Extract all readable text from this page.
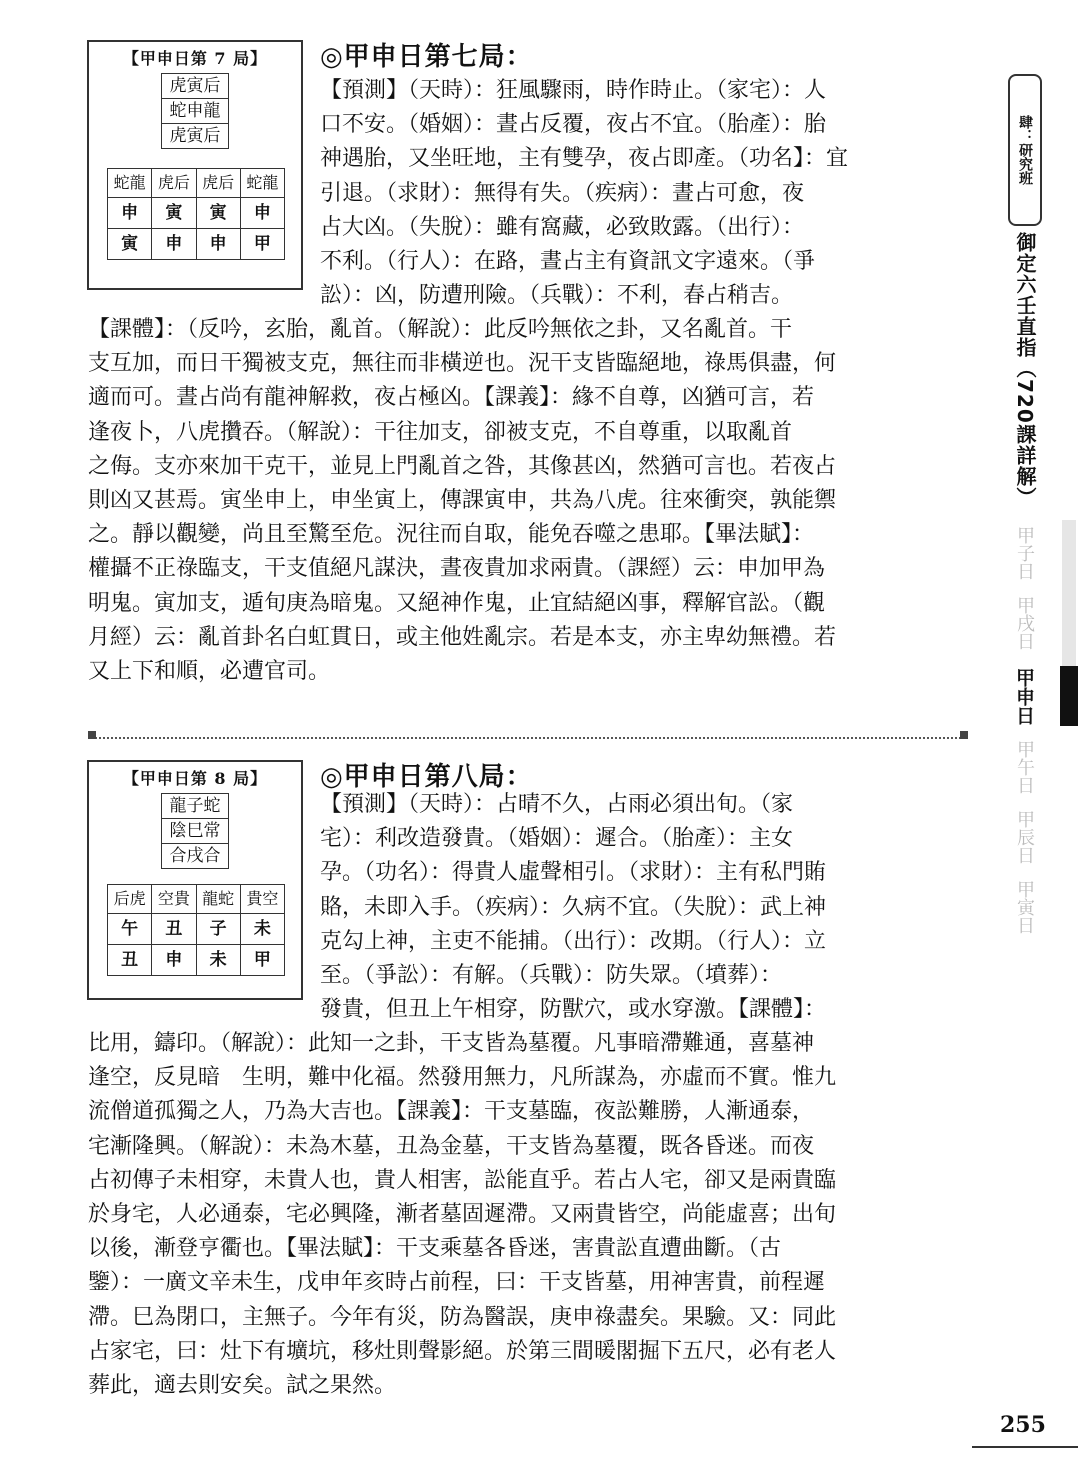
【甲申日第 7 局】
虎寅后
蛇申龍
虎寅后
蛇龍 虎后 虎后 蛇龍
申	寅	寅	申
寅	申	申	甲
◎甲申日第七局：
【預測】（天時）：狂風驟雨，時作時止。（家宅）：人
口不安。（婚姻）：晝占反覆，夜占不宜。（胎產）：胎
神遇胎，又坐旺地，主有雙孕，夜占即產。（功名】：宜
引退。（求財）：無得有失。（疾病）：晝占可愈，夜
占大凶。（失脫）：雖有窩藏，必致敗露。（出行）：
不利。（行人）：在路，晝占主有資訊文字遠來。（爭
訟）：凶，防遭刑險。（兵戰）：不利，春占稍吉。
【課體】：（反吟，玄胎，亂首。（解說）：此反吟無依之卦，又名亂首。干
支互加，而日干獨被支克，無往而非橫逆也。況干支皆臨絕地，祿馬俱盡，何
適而可。晝占尚有龍神解救，夜占極凶。【課義】：緣不自尊，凶猶可言，若
逢夜卜，八虎攢吞。（解說）：干往加支，卻被支克，不自尊重，以取亂首
之侮。支亦來加干克干，並見上門亂首之咎，其像甚凶，然猶可言也。若夜占
則凶又甚焉。寅坐申上，申坐寅上，傳課寅申，共為八虎。往來衝突，孰能禦
之。靜以觀變，尚且至驚至危。況往而自取，能免吞噬之患耶。【畢法賦】：
權攝不正祿臨支，干支值絕凡謀決，晝夜貴加求兩貴。（課經）云：申加甲為
明鬼。寅加支，遁旬庚為暗鬼。又絕神作鬼，止宜結絕凶事，釋解官訟。（觀
月經）云：亂首卦名白虹貫日，或主他姓亂宗。若是本支，亦主卑幼無禮。若
又上下和順，必遭官司。
【甲申日第 8 局】
龍子蛇
陰巳常
合戌合
后虎 空貴 龍蛇 貴空
午	丑	子	未
丑	申	未	甲
◎甲申日第八局：
【預測】（天時）：占晴不久，占雨必須出旬。（家
宅）：利改造發貴。（婚姻）：遲合。（胎產）：主女
孕。（功名）：得貴人虛聲相引。（求財）：主有私門賄
賂，未即入手。（疾病）：久病不宜。（失脫）：武上神
克勾上神，主吏不能捕。（出行）：改期。（行人）：立
至。（爭訟）：有解。（兵戰）：防失眾。（墳葬）：
發貴，但丑上午相穿，防獸穴，或水穿激。【課體】：
比用，鑄印。（解說）：此知一之卦，干支皆為墓覆。凡事暗滯難通，喜墓神
逢空，反見暗　生明，難中化福。然發用無力，凡所謀為，亦虛而不實。惟九
流僧道孤獨之人，乃為大吉也。【課義】：干支墓臨，夜訟難勝，人漸通泰，
宅漸隆興。（解說）：未為木墓，丑為金墓，干支皆為墓覆，既各昏迷。而夜
占初傳子未相穿，未貴人也，貴人相害，訟能直乎。若占人宅，卻又是兩貴臨
於身宅，人必通泰，宅必興隆，漸者墓固遲滯。又兩貴皆空，尚能虛喜；出旬
以後，漸登亨衢也。【畢法賦】：干支乘墓各昏迷，害貴訟直遭曲斷。（古
鑒）：一廣文辛未生，戊申年亥時占前程，曰：干支皆墓，用神害貴，前程遲
滯。巳為閉口，主無子。今年有災，防為醫誤，庚申祿盡矣。果驗。又：同此
占家宅，曰：灶下有壙坑，移灶則聲影絕。於第三間暖閣掘下五尺，必有老人
葬此，適去則安矣。試之果然。
肆：研究班
御定六壬直指（720課詳解）
甲子日
甲戌日
甲申日
甲午日
甲辰日
甲寅日
255
